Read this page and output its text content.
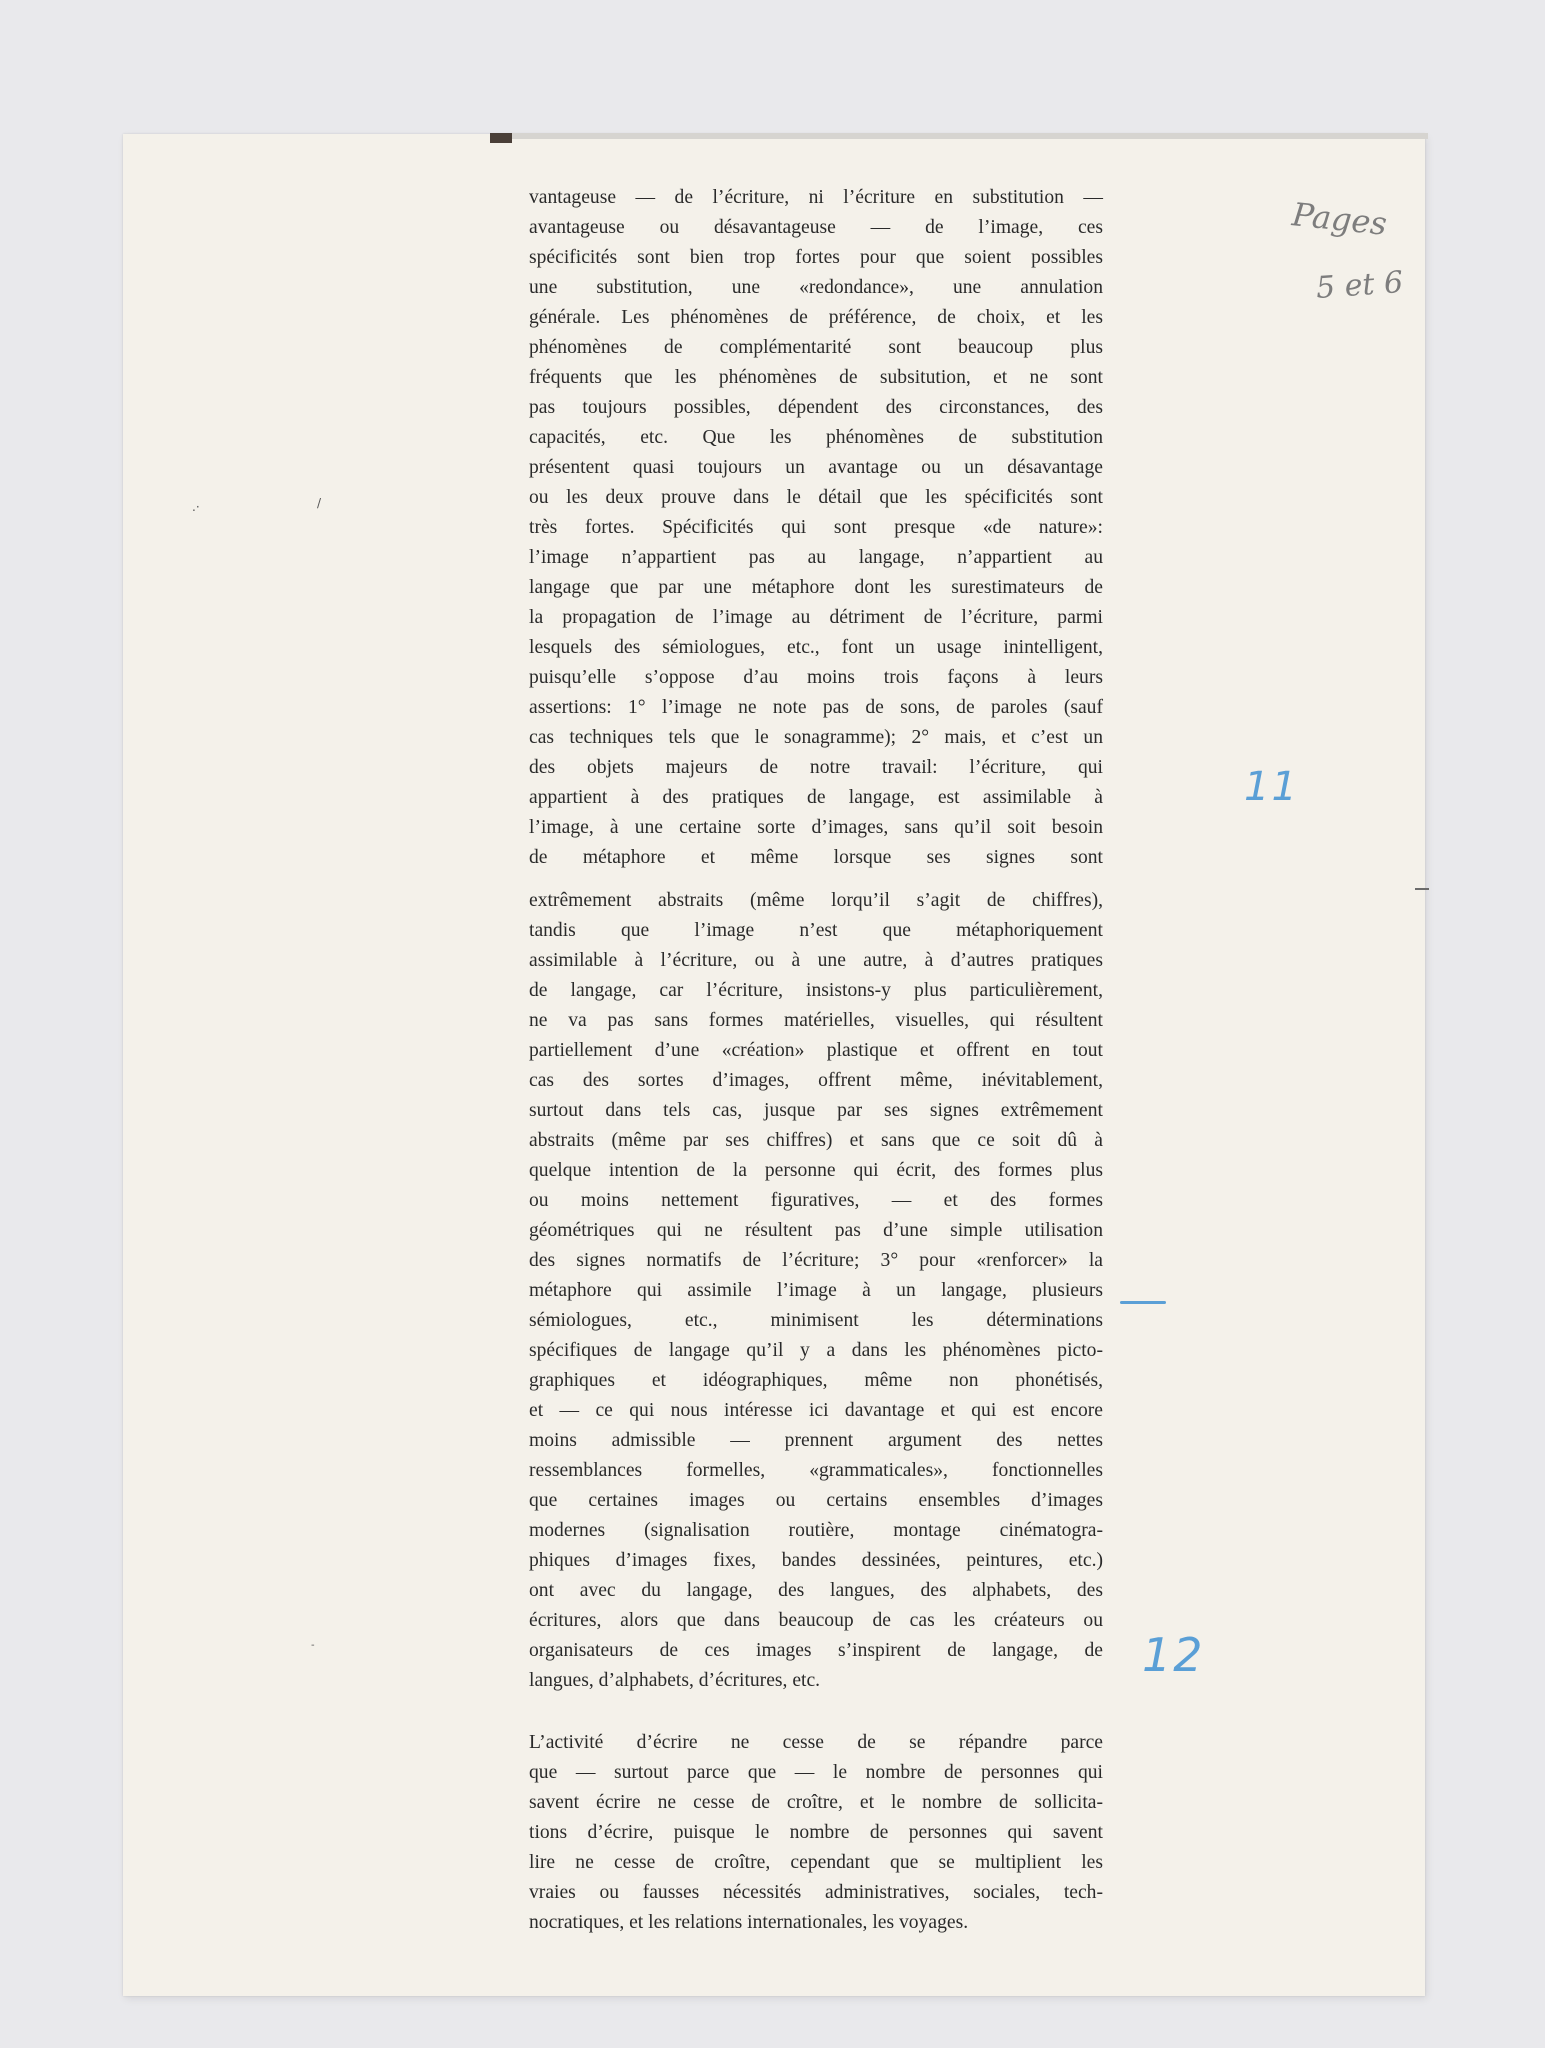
.·	/
-
Pages
5 et 6
11
12
vantageuse — de l’écriture, ni l’écriture en substitution —
avantageuse ou désavantageuse — de l’image, ces
spécificités sont bien trop fortes pour que soient possibles
une substitution, une «redondance», une annulation
générale. Les phénomènes de préférence, de choix, et les
phénomènes de complémentarité sont beaucoup plus
fréquents que les phénomènes de subsitution, et ne sont
pas toujours possibles, dépendent des circonstances, des
capacités, etc. Que les phénomènes de substitution
présentent quasi toujours un avantage ou un désavantage
ou les deux prouve dans le détail que les spécificités sont
très fortes. Spécificités qui sont presque «de nature»:
l’image n’appartient pas au langage, n’appartient au
langage que par une métaphore dont les surestimateurs de
la propagation de l’image au détriment de l’écriture, parmi
lesquels des sémiologues, etc., font un usage inintelligent,
puisqu’elle s’oppose d’au moins trois façons à leurs
assertions: 1° l’image ne note pas de sons, de paroles (sauf
cas techniques tels que le sonagramme); 2° mais, et c’est un
des objets majeurs de notre travail: l’écriture, qui
appartient à des pratiques de langage, est assimilable à
l’image, à une certaine sorte d’images, sans qu’il soit besoin
de métaphore et même lorsque ses signes sont
extrêmement abstraits (même lorqu’il s’agit de chiffres),
tandis que l’image n’est que métaphoriquement
assimilable à l’écriture, ou à une autre, à d’autres pratiques
de langage, car l’écriture, insistons-y plus particulièrement,
ne va pas sans formes matérielles, visuelles, qui résultent
partiellement d’une «création» plastique et offrent en tout
cas des sortes d’images, offrent même, inévitablement,
surtout dans tels cas, jusque par ses signes extrêmement
abstraits (même par ses chiffres) et sans que ce soit dû à
quelque intention de la personne qui écrit, des formes plus
ou moins nettement figuratives, — et des formes
géométriques qui ne résultent pas d’une simple utilisation
des signes normatifs de l’écriture; 3° pour «renforcer» la
métaphore qui assimile l’image à un langage, plusieurs
sémiologues, etc., minimisent les déterminations
spécifiques de langage qu’il y a dans les phénomènes picto-
graphiques et idéographiques, même non phonétisés,
et — ce qui nous intéresse ici davantage et qui est encore
moins admissible — prennent argument des nettes
ressemblances formelles, «grammaticales», fonctionnelles
que certaines images ou certains ensembles d’images
modernes (signalisation routière, montage cinématogra-
phiques d’images fixes, bandes dessinées, peintures, etc.)
ont avec du langage, des langues, des alphabets, des
écritures, alors que dans beaucoup de cas les créateurs ou
organisateurs de ces images s’inspirent de langage, de
langues, d’alphabets, d’écritures, etc.
L’activité d’écrire ne cesse de se répandre parce
que — surtout parce que — le nombre de personnes qui
savent écrire ne cesse de croître, et le nombre de sollicita-
tions d’écrire, puisque le nombre de personnes qui savent
lire ne cesse de croître, cependant que se multiplient les
vraies ou fausses nécessités administratives, sociales, tech-
nocratiques, et les relations internationales, les voyages.
